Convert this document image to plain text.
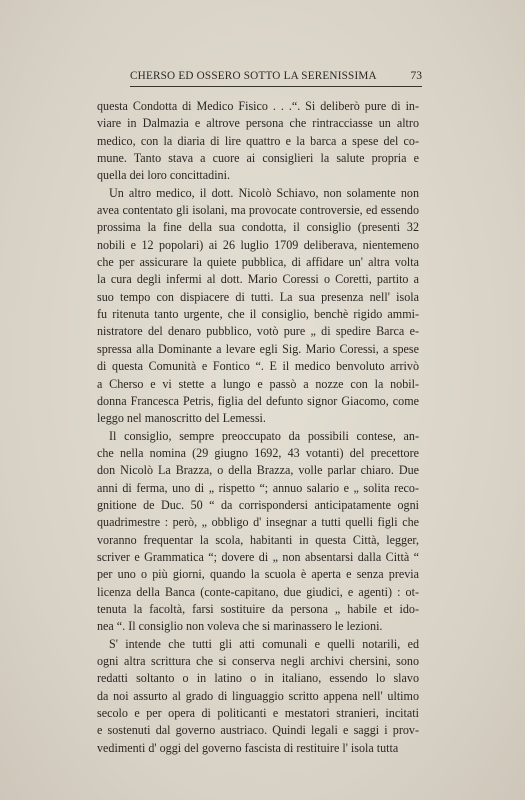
CHERSO ED OSSERO SOTTO LA SERENISSIMA	73

questa Condotta di Medico Fisico . . .“. Si deliberò pure di in-
viare in Dalmazia e altrove persona che rintracciasse un altro
medico, con la diaria di lire quattro e la barca a spese del co-
mune. Tanto stava a cuore ai consiglieri la salute propria e
quella dei loro concittadini.

Un altro medico, il dott. Nicolò Schiavo, non solamente non
avea contentato gli isolani, ma provocate controversie, ed essendo
prossima la fine della sua condotta, il consiglio (presenti 32
nobili e 12 popolari) ai 26 luglio 1709 deliberava, nientemeno
che per assicurare la quiete pubblica, di affidare un' altra volta
la cura degli infermi al dott. Mario Coressi o Coretti, partito a
suo tempo con dispiacere di tutti. La sua presenza nell' isola
fu ritenuta tanto urgente, che il consiglio, benchè rigido ammi-
nistratore del denaro pubblico, votò pure „ di spedire Barca e-
spressa alla Dominante a levare egli Sig. Mario Coressi, a spese
di questa Comunità e Fontico “. E il medico benvoluto arrivò
a Cherso e vi stette a lungo e passò a nozze con la nobil-
donna Francesca Petris, figlia del defunto signor Giacomo, come
leggo nel manoscritto del Lemessi.

Il consiglio, sempre preoccupato da possibili contese, an-
che nella nomina (29 giugno 1692, 43 votanti) del precettore
don Nicolò La Brazza, o della Brazza, volle parlar chiaro. Due
anni di ferma, uno di „ rispetto “; annuo salario e „ solita reco-
gnitione de Duc. 50 “ da corrispondersi anticipatamente ogni
quadrimestre : però, „ obbligo d' insegnar a tutti quelli figli che
voranno frequentar la scola, habitanti in questa Città, legger,
scriver e Grammatica “; dovere di „ non absentarsi dalla Città “
per uno o più giorni, quando la scuola è aperta e senza previa
licenza della Banca (conte-capitano, due giudici, e agenti) : ot-
tenuta la facoltà, farsi sostituire da persona „ habile et ido-
nea “. Il consiglio non voleva che si marinassero le lezioni.

S' intende che tutti gli atti comunali e quelli notarili, ed
ogni altra scrittura che si conserva negli archivi chersini, sono
redatti soltanto o in latino o in italiano, essendo lo slavo
da noi assurto al grado di linguaggio scritto appena nell' ultimo
secolo e per opera di politicanti e mestatori stranieri, incitati
e sostenuti dal governo austriaco. Quindi legali e saggi i prov-
vedimenti d' oggi del governo fascista di restituire l' isola tutta
